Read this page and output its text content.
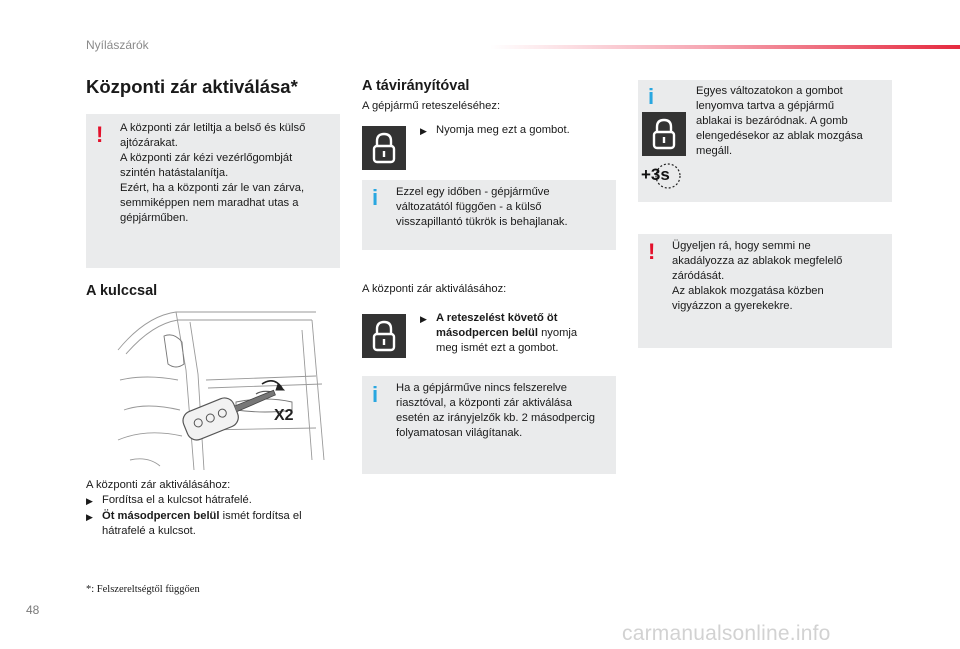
Nyílászárók
Központi zár aktiválása*
! A központi zár letiltja a belső és külső
ajtózárakat.
A központi zár kézi vezérlőgombját
szintén hatástalanítja.
Ezért, ha a központi zár le van zárva,
semmiképpen nem maradhat utas a
gépjárműben.
A kulccsal
X2
A központi zár aktiválásához:
▶ Fordítsa el a kulcsot hátrafelé.
▶ Öt másodpercen belül ismét fordítsa el
hátrafelé a kulcsot.
*: Felszereltségtől függően
A távirányítóval
A gépjármű reteszeléséhez:
▶ Nyomja meg ezt a gombot.
i Ezzel egy időben - gépjárműve
változatától függően - a külső
visszapillantó tükrök is behajlanak.
A központi zár aktiválásához:
▶ A reteszelést követő öt
másodpercen belül nyomja
meg ismét ezt a gombot.
i Ha a gépjárműve nincs felszerelve
riasztóval, a központi zár aktiválása
esetén az irányjelzők kb. 2 másodpercig
folyamatosan világítanak.
i
+3s
Egyes változatokon a gombot
lenyomva tartva a gépjármű
ablakai is bezáródnak. A gomb
elengedésekor az ablak mozgása
megáll.
! Ügyeljen rá, hogy semmi ne
akadályozza az ablakok megfelelő
záródását.
Az ablakok mozgatása közben
vigyázzon a gyerekekre.
48
carmanualsonline.info
